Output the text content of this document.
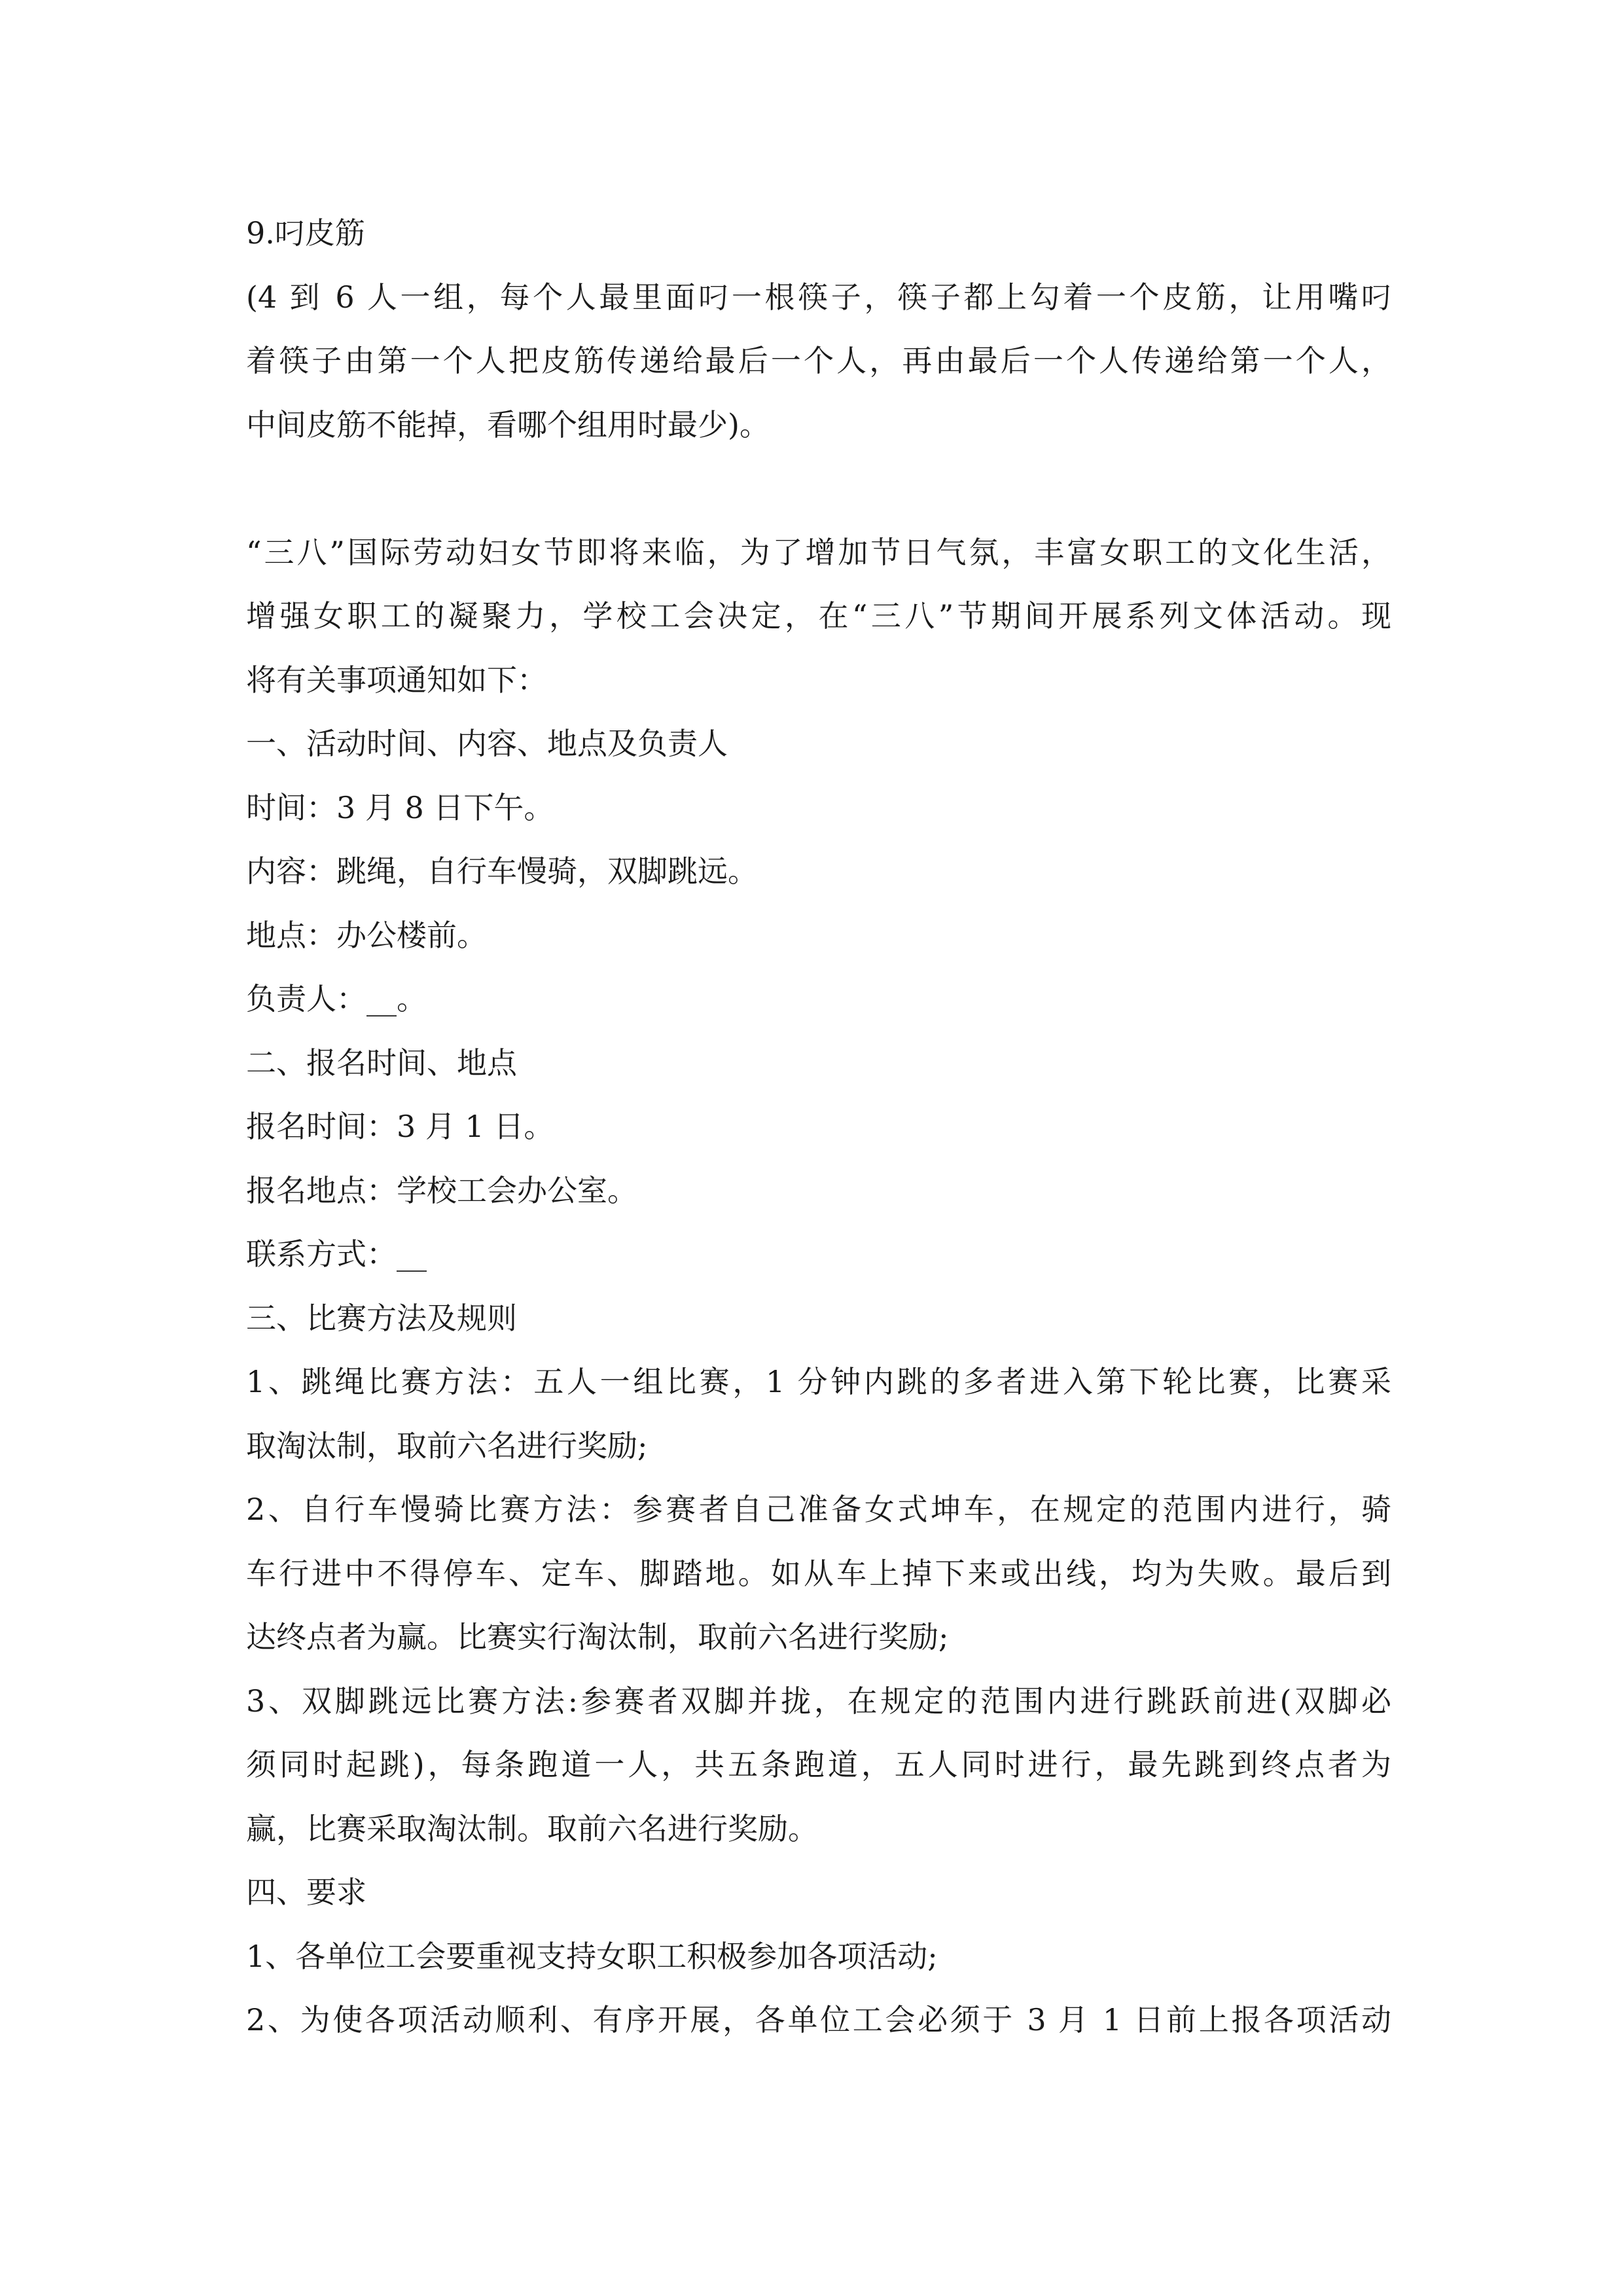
9.叼皮筋

(4 到 6 人一组，每个人最里面叼一根筷子，筷子都上勾着一个皮筋，让用嘴叼

着筷子由第一个人把皮筋传递给最后一个人，再由最后一个人传递给第一个人，

中间皮筋不能掉，看哪个组用时最少)。

“三八”国际劳动妇女节即将来临，为了增加节日气氛，丰富女职工的文化生活，

增强女职工的凝聚力，学校工会决定，在“三八”节期间开展系列文体活动。现

将有关事项通知如下：

一、活动时间、内容、地点及负责人

时间：3 月 8 日下午。

内容：跳绳，自行车慢骑，双脚跳远。

地点：办公楼前。

负责人：__。

二、报名时间、地点

报名时间：3 月 1 日。

报名地点：学校工会办公室。

联系方式：__

三、比赛方法及规则

1、跳绳比赛方法：五人一组比赛，1 分钟内跳的多者进入第下轮比赛，比赛采

取淘汰制，取前六名进行奖励;

2、自行车慢骑比赛方法：参赛者自己准备女式坤车，在规定的范围内进行，骑

车行进中不得停车、定车、脚踏地。如从车上掉下来或出线，均为失败。最后到

达终点者为赢。比赛实行淘汰制，取前六名进行奖励;

3、双脚跳远比赛方法:参赛者双脚并拢，在规定的范围内进行跳跃前进(双脚必

须同时起跳)，每条跑道一人，共五条跑道，五人同时进行，最先跳到终点者为

赢，比赛采取淘汰制。取前六名进行奖励。

四、要求

1、各单位工会要重视支持女职工积极参加各项活动;

2、为使各项活动顺利、有序开展，各单位工会必须于 3 月 1 日前上报各项活动
